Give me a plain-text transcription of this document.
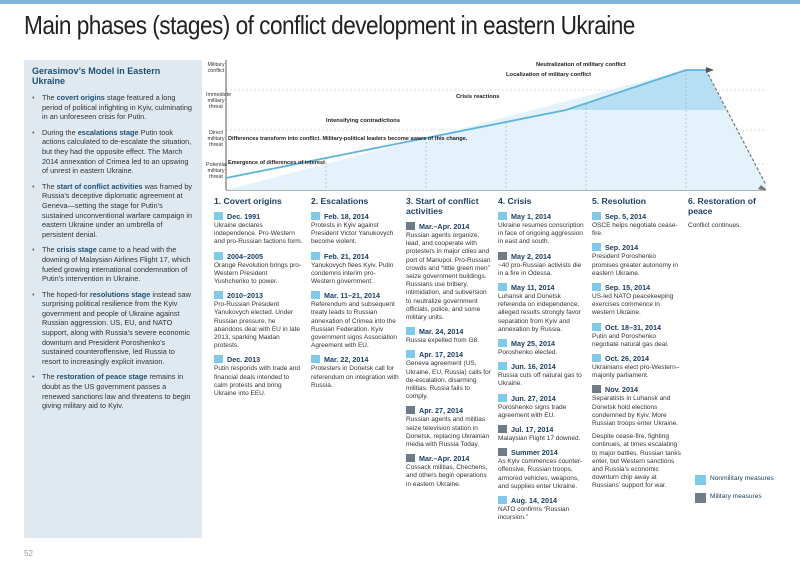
Main phases (stages) of conflict development in eastern Ukraine
Gerasimov’s Model in Eastern Ukraine
• The covert origins stage featured a long period of political infighting in Kyiv, culminating in an unforeseen crisis for Putin.
• During the escalations stage Putin took actions calculated to de-escalate the situation, but they had the opposite effect. The March 2014 annexation of Crimea led to an upswing of unrest in eastern Ukraine.
• The start of conflict activities was framed by Russia’s deceptive diplomatic agreement at Geneva—setting the stage for Putin’s sustained unconventional warfare campaign in eastern Ukraine under an umbrella of persistent denial.
• The crisis stage came to a head with the downing of Malaysian Airlines Flight 17, which fueled growing international condemnation of Putin’s intervention in Ukraine.
• The hoped-for resolutions stage instead saw surprising political resilience from the Kyiv government and people of Ukraine against Russian aggression. US, EU, and NATO support, along with Russia’s severe economic downturn and President Poroshenko’s sustained counteroffensive, led Russia to resort to increasingly explicit invasion.
• The restoration of peace stage remains in doubt as the US government passes a renewed sanctions law and threatens to begin giving military aid to Kyiv.
Military conflict
Immediate military threat
Direct military threat
Potential military threat
Emergence of differences of interest
Differences transform into conflict. Military-political leaders become aware of this change.
Intensifying contradictions
Crisis reactions
Localization of military conflict
Neutralization of military conflict
1. Covert origins
Dec. 1991
Ukraine declares independence. Pro-Western and pro-Russian factions form.
2004–2005
Orange Revolution brings pro-Western President Yushchenko to power.
2010–2013
Pro-Russian President Yanukovych elected. Under Russian pressure, he abandons deal with EU in late 2013, sparking Maidan protests.
Dec. 2013
Putin responds with trade and financial deals intended to calm protests and bring Ukraine into EEU.
2. Escalations
Feb. 18, 2014
Protests in Kyiv against President Victor Yanukovych become violent.
Feb. 21, 2014
Yanukovych flees Kyiv. Putin condemns interim pro-Western government.
Mar. 11–21, 2014
Referendum and subsequent treaty leads to Russian annexation of Crimea into the Russian Federation. Kyiv government signs Association Agreement with EU.
Mar. 22, 2014
Protesters in Donetsk call for referendum on integration with Russia.
3. Start of conflict activities
Mar.–Apr. 2014
Russian agents organize, lead, and cooperate with protesters in major cities and port of Mariupol. Pro-Russian crowds and “little green men” seize government buildings. Russians use bribery, intimidation, and subversion to neutralize government officials, police, and some military units.
Mar. 24, 2014
Russia expelled from G8.
Apr. 17, 2014
Geneva agreement (US, Ukraine, EU, Russia) calls for de-escalation, disarming militias. Russia fails to comply.
Apr. 27, 2014
Russian agents and militias seize television station in Donetsk, replacing Ukrainian media with Russia Today.
Mar.–Apr. 2014
Cossack militias, Chechens, and others begin operations in eastern Ukraine.
4. Crisis
May 1, 2014
Ukraine resumes conscription in face of ongoing aggression in east and south.
May 2, 2014
~40 pro-Russian activists die in a fire in Odessa.
May 11, 2014
Luhansk and Donetsk referenda on independence; alleged results strongly favor separation from Kyiv and annexation by Russia.
May 25, 2014
Poroshenko elected.
Jun. 16, 2014
Russia cuts off natural gas to Ukraine.
Jun. 27, 2014
Poroshenko signs trade agreement with EU.
Jul. 17, 2014
Malaysian Flight 17 downed.
Summer 2014
As Kyiv commences counter-offensive, Russian troops, armored vehicles, weapons, and supplies enter Ukraine.
Aug. 14, 2014
NATO confirms “Russian incursion.”
5. Resolution
Sep. 5, 2014
OSCE helps negotiate cease-fire.
Sep. 2014
President Poroshenko promises greater autonomy in eastern Ukraine.
Sep. 15, 2014
US-led NATO peacekeeping exercises commence in western Ukraine.
Oct. 18–31, 2014
Putin and Poroshenko negotiate natural gas deal.
Oct. 26, 2014
Ukrainians elect pro-Western–majority parliament.
Nov. 2014
Separatists in Luhansk and Donetsk hold elections condemned by Kyiv. More Russian troops enter Ukraine.
Despite cease-fire, fighting continues, at times escalating to major battles. Russian tanks enter, but Western sanctions and Russia’s economic downturn chip away at Russians’ support for war.
6. Restoration of peace
Conflict continues.
Nonmilitary measures
Military measures
52
